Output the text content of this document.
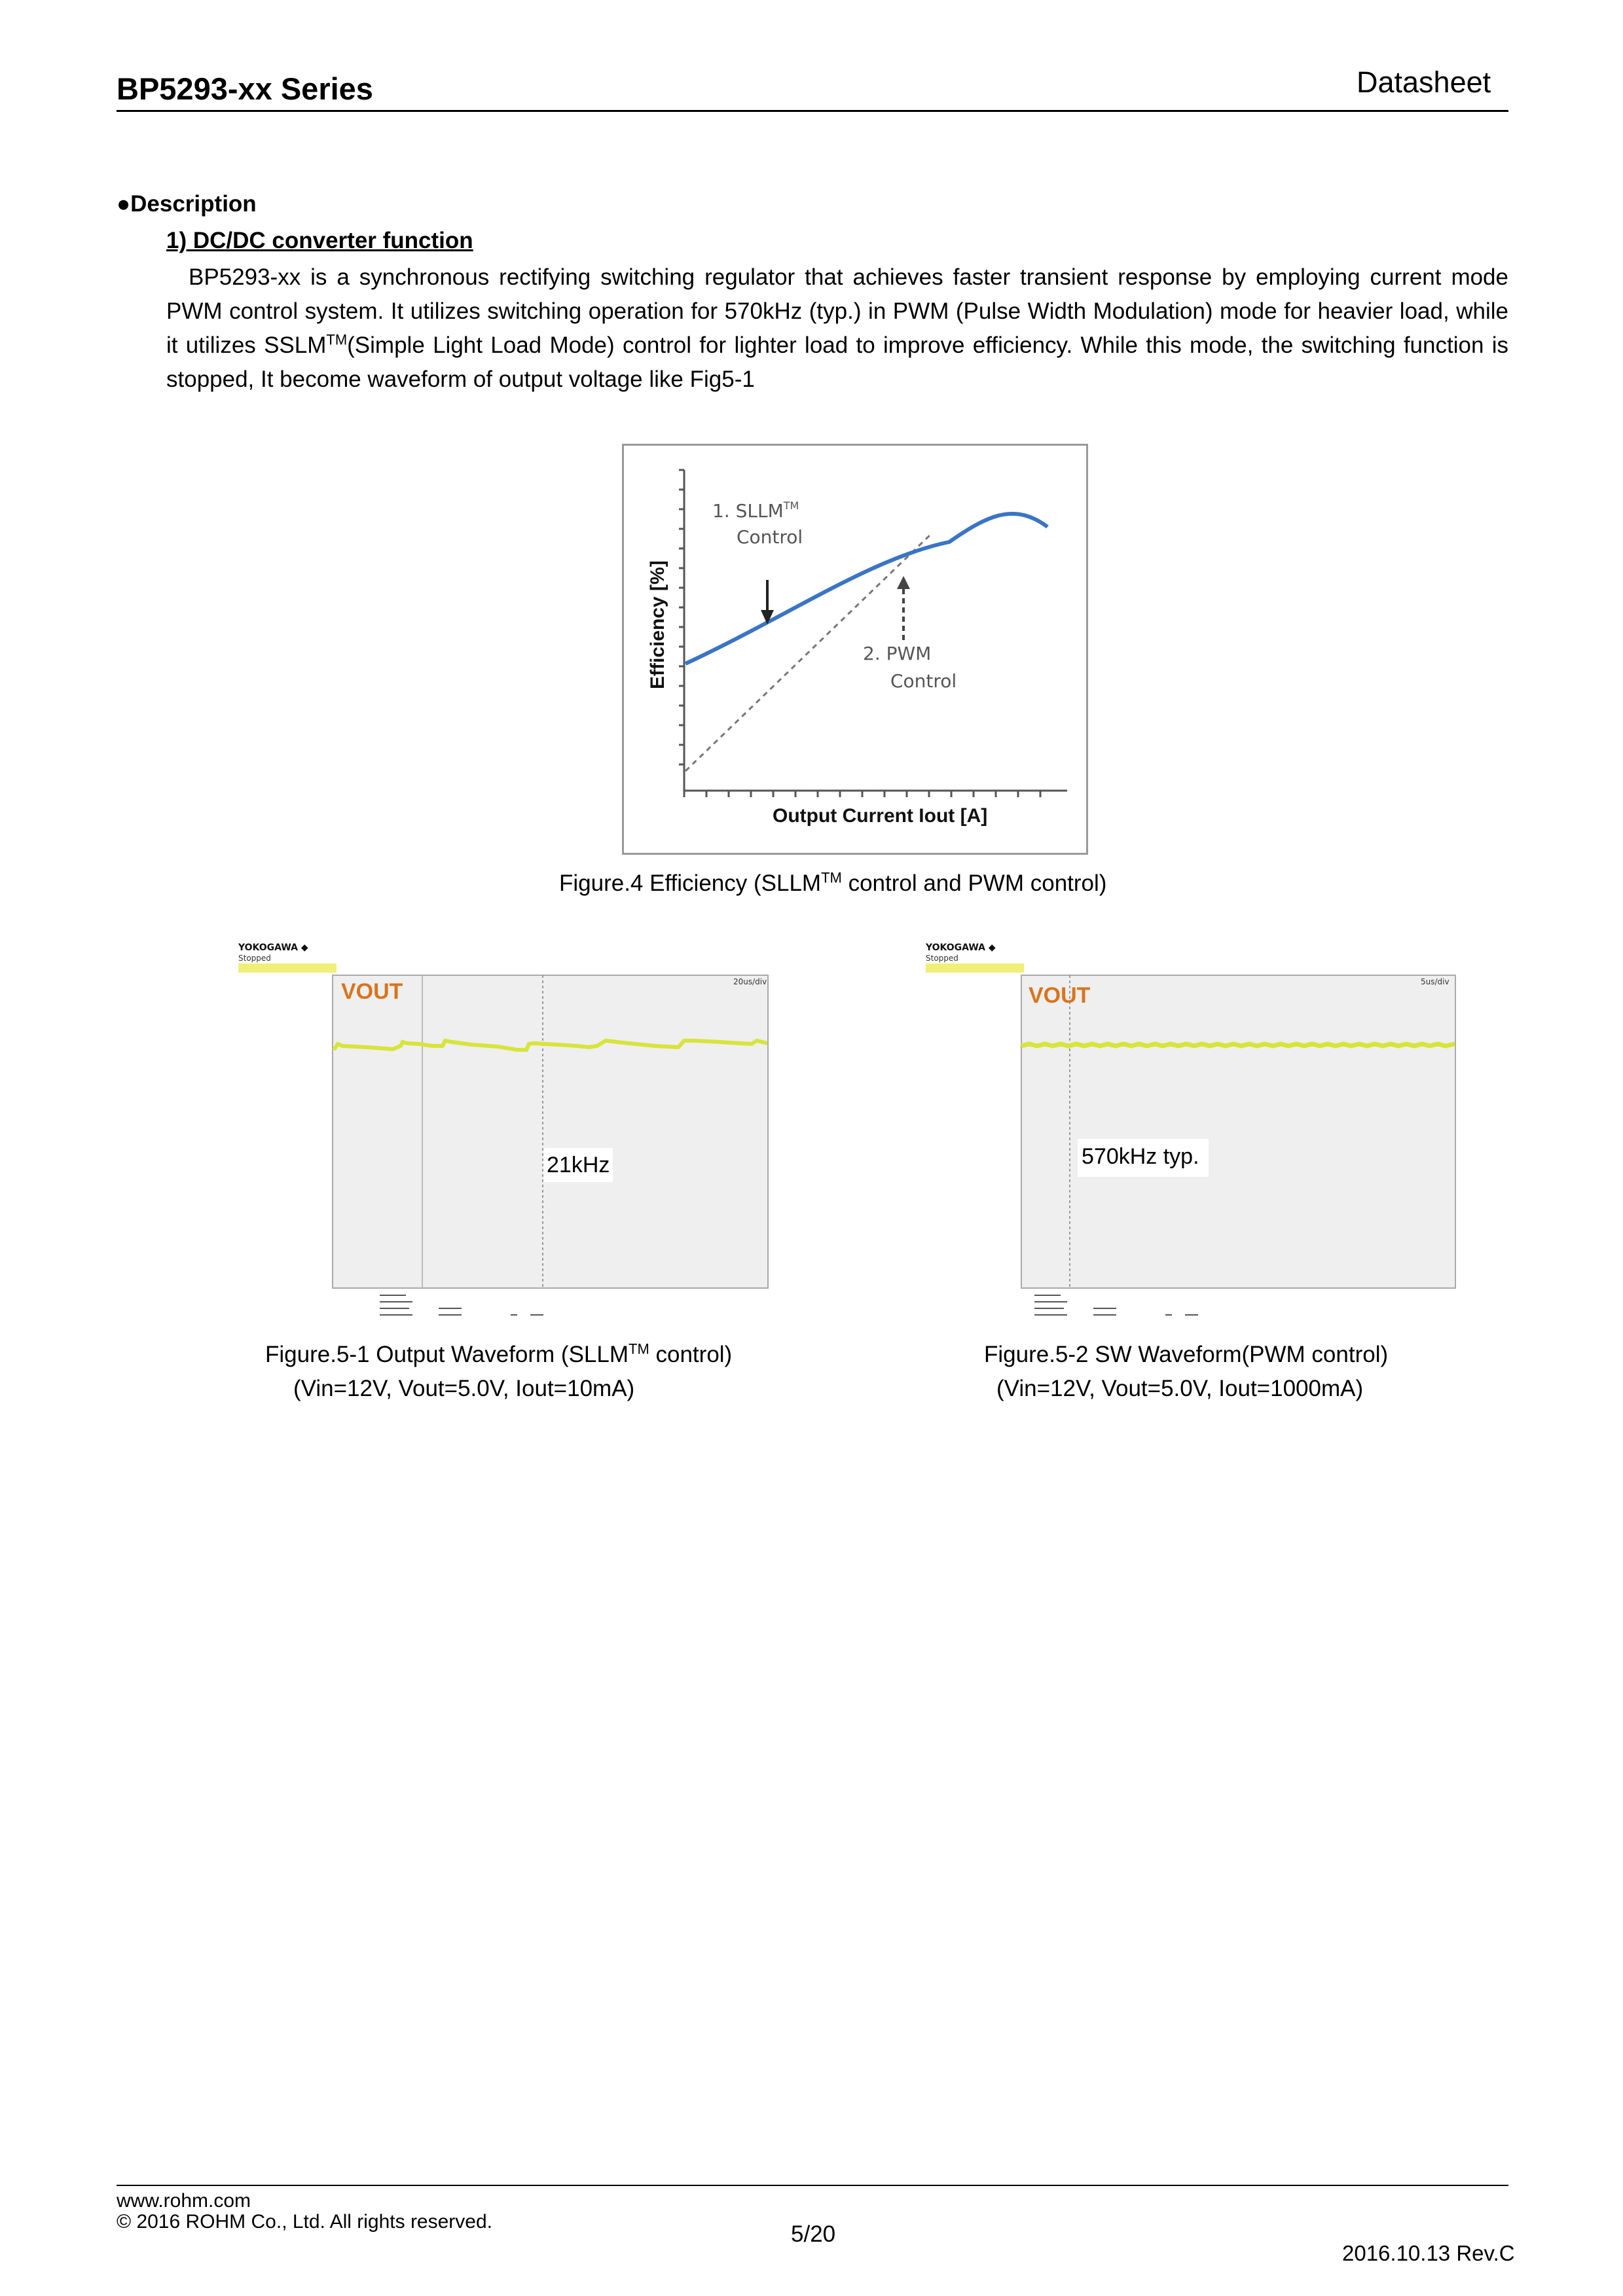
BP5293-xx Series	Datasheet
●Description
1) DC/DC converter function
BP5293-xx is a synchronous rectifying switching regulator that achieves faster transient response by employing current mode PWM control system. It utilizes switching operation for 570kHz (typ.) in PWM (Pulse Width Modulation) mode for heavier load, while it utilizes SSLM™(Simple Light Load Mode) control for lighter load to improve efficiency. While this mode, the switching function is stopped, It become waveform of output voltage like Fig5-1
1. SLLM™
Control
2. PWM
Control
Efficiency [%]
Output Current Iout [A]
Figure.4 Efficiency (SLLM™ control and PWM control)
YOKOGAWA ◆
Stopped
20us/div
VOUT
21kHz
Figure.5-1 Output Waveform (SLLM™ control)
(Vin=12V, Vout=5.0V, Iout=10mA)
YOKOGAWA ◆
Stopped
5us/div
VOUT
570kHz typ.
Figure.5-2 SW Waveform(PWM control)
(Vin=12V, Vout=5.0V, Iout=1000mA)
www.rohm.com
© 2016 ROHM Co., Ltd. All rights reserved.	5/20
2016.10.13 Rev.C
